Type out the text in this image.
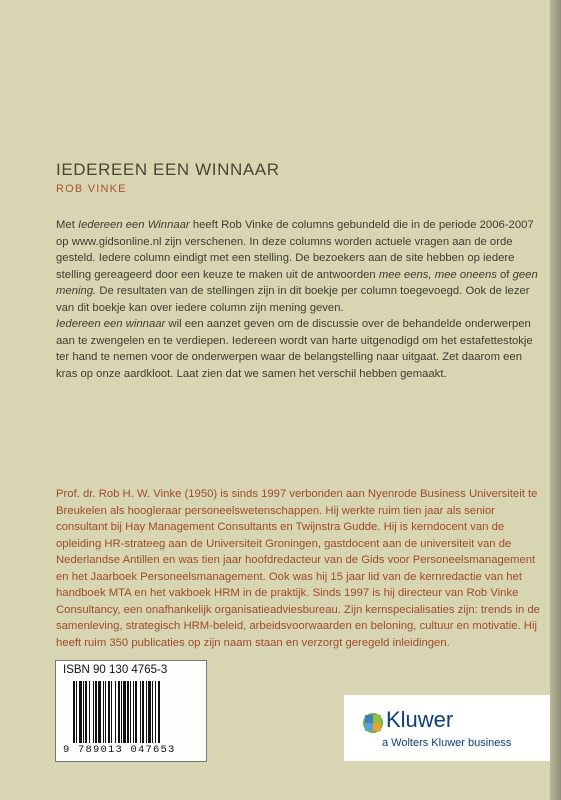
IEDEREEN EEN WINNAAR
ROB VINKE

Met Iedereen een Winnaar heeft Rob Vinke de columns gebundeld die in de periode 2006-2007 op www.gidsonline.nl zijn verschenen. In deze columns worden actuele vragen aan de orde gesteld. Iedere column eindigt met een stelling. De bezoekers aan de site hebben op iedere stelling gereageerd door een keuze te maken uit de antwoorden mee eens, mee oneens of geen mening. De resultaten van de stellingen zijn in dit boekje per column toegevoegd. Ook de lezer van dit boekje kan over iedere column zijn mening geven.

Iedereen een winnaar wil een aanzet geven om de discussie over de behandelde onderwerpen aan te zwengelen en te verdiepen. Iedereen wordt van harte uitgenodigd om het estafettestokje ter hand te nemen voor de onderwerpen waar de belangstelling naar uitgaat. Zet daarom een kras op onze aardkloot. Laat zien dat we samen het verschil hebben gemaakt.

Prof. dr. Rob H. W. Vinke (1950) is sinds 1997 verbonden aan Nyenrode Business Universiteit te Breukelen als hoogleraar personeelswetenschappen. Hij werkte ruim tien jaar als senior consultant bij Hay Management Consultants en Twijnstra Gudde. Hij is kerndocent van de opleiding HR-strateeg aan de Universiteit Groningen, gastdocent aan de universiteit van de Nederlandse Antillen en was tien jaar hoofdredacteur van de Gids voor Personeelsmanagement en het Jaarboek Personeelsmanagement. Ook was hij 15 jaar lid van de kernredactie van het handboek MTA en het vakboek HRM in de praktijk. Sinds 1997 is hij directeur van Rob Vinke Consultancy, een onafhankelijk organisatieadviesbureau. Zijn kernspecialisaties zijn: trends in de samenleving, strategisch HRM-beleid, arbeidsvoorwaarden en beloning, cultuur en motivatie. Hij heeft ruim 350 publicaties op zijn naam staan en verzorgt geregeld inleidingen.

ISBN 90 130 4765-3
9 789013 047653
Kluwer
a Wolters Kluwer business
